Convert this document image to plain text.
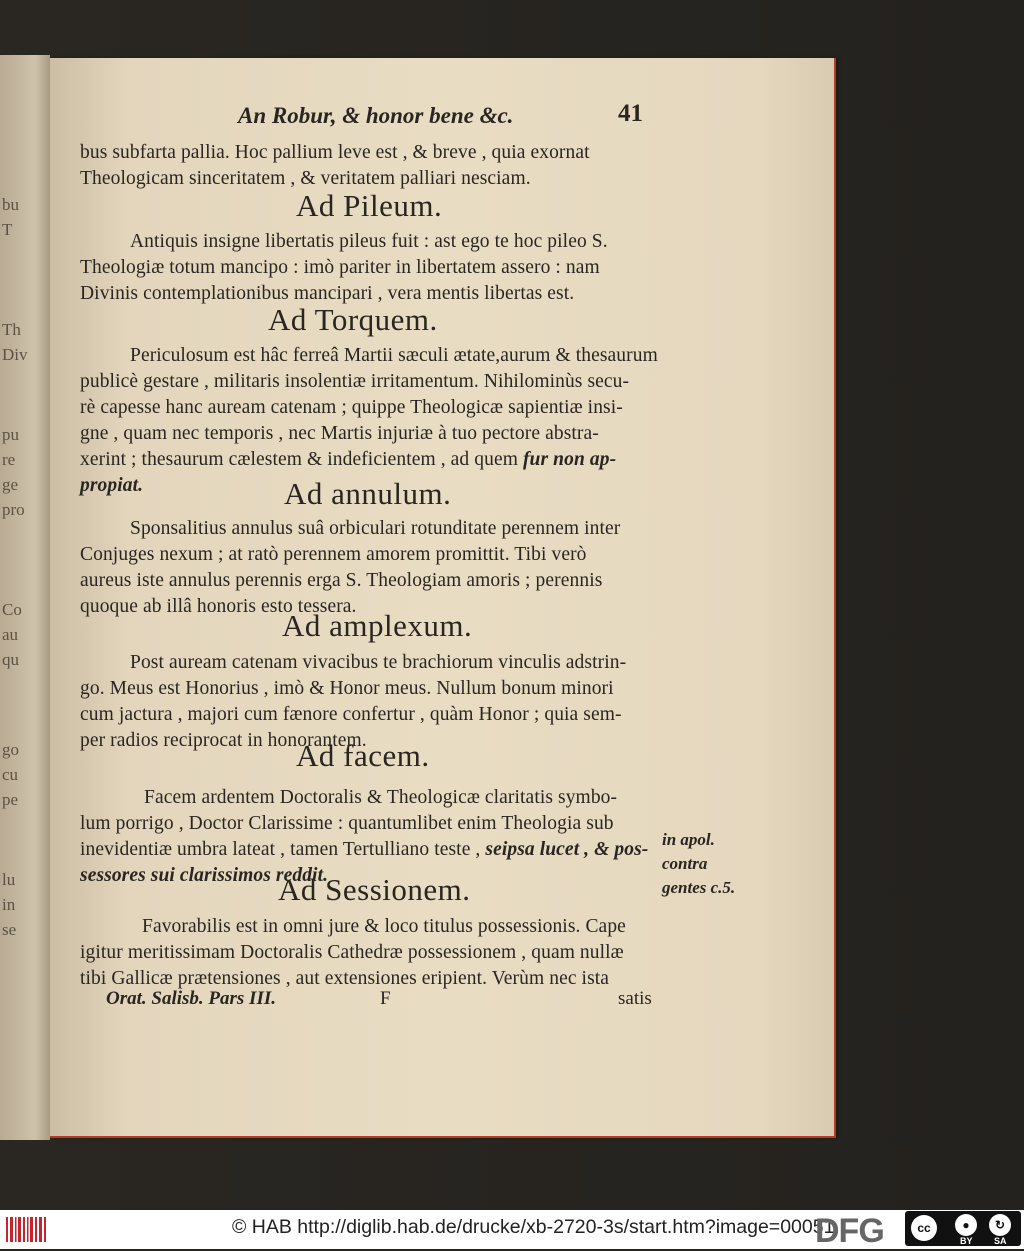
bu
T
Th
Div
pu
re
ge
pro
Co
au
qu
go
cu
pe
lu
in
se
An Robur, & honor bene &c.	41
bus subfarta pallia. Hoc pallium leve est , & breve , quia exornat
Theologicam sinceritatem , & veritatem palliari nesciam.
Ad Pileum.
Antiquis insigne libertatis pileus fuit : ast ego te hoc pileo S.
Theologiæ totum mancipo : imò pariter in libertatem assero : nam
Divinis contemplationibus mancipari , vera mentis libertas est.
Ad Torquem.
Periculosum est hâc ferreâ Martii sæculi ætate,aurum & thesaurum
publicè gestare , militaris insolentiæ irritamentum. Nihilominùs secu-
rè capesse hanc auream catenam ; quippe Theologicæ sapientiæ insi-
gne , quam nec temporis , nec Martis injuriæ à tuo pectore abstra-
xerint ; thesaurum cælestem & indeficientem , ad quem fur non ap-
propiat.	Ad annulum.
Sponsalitius annulus suâ orbiculari rotunditate perennem inter
Conjuges nexum ; at ratò perennem amorem promittit. Tibi verò
aureus iste annulus perennis erga S. Theologiam amoris ; perennis
quoque ab illâ honoris esto tessera.
Ad amplexum.
Post auream catenam vivacibus te brachiorum vinculis adstrin-
go. Meus est Honorius , imò & Honor meus. Nullum bonum minori
cum jactura , majori cum fænore confertur , quàm Honor ; quia sem-
per radios reciprocat in honorantem.
Ad facem.
Facem ardentem Doctoralis & Theologicæ claritatis symbo-
lum porrigo , Doctor Clarissime : quantumlibet enim Theologia sub
inevidentiæ umbra lateat , tamen Tertulliano teste , seipsa lucet , & pos-
sessores sui clarissimos reddit.
in apol.
contra
gentes c.5.
Ad Sessionem.
Favorabilis est in omni jure & loco titulus possessionis. Cape
igitur meritissimam Doctoralis Cathedræ possessionem , quam nullæ
tibi Gallicæ prætensiones , aut extensiones eripient. Verùm nec ista
Orat. Salisb. Pars III.	F	satis
© HAB http://diglib.hab.de/drucke/xb-2720-3s/start.htm?image=00051
DFG	cc	●	↻
BY SA
